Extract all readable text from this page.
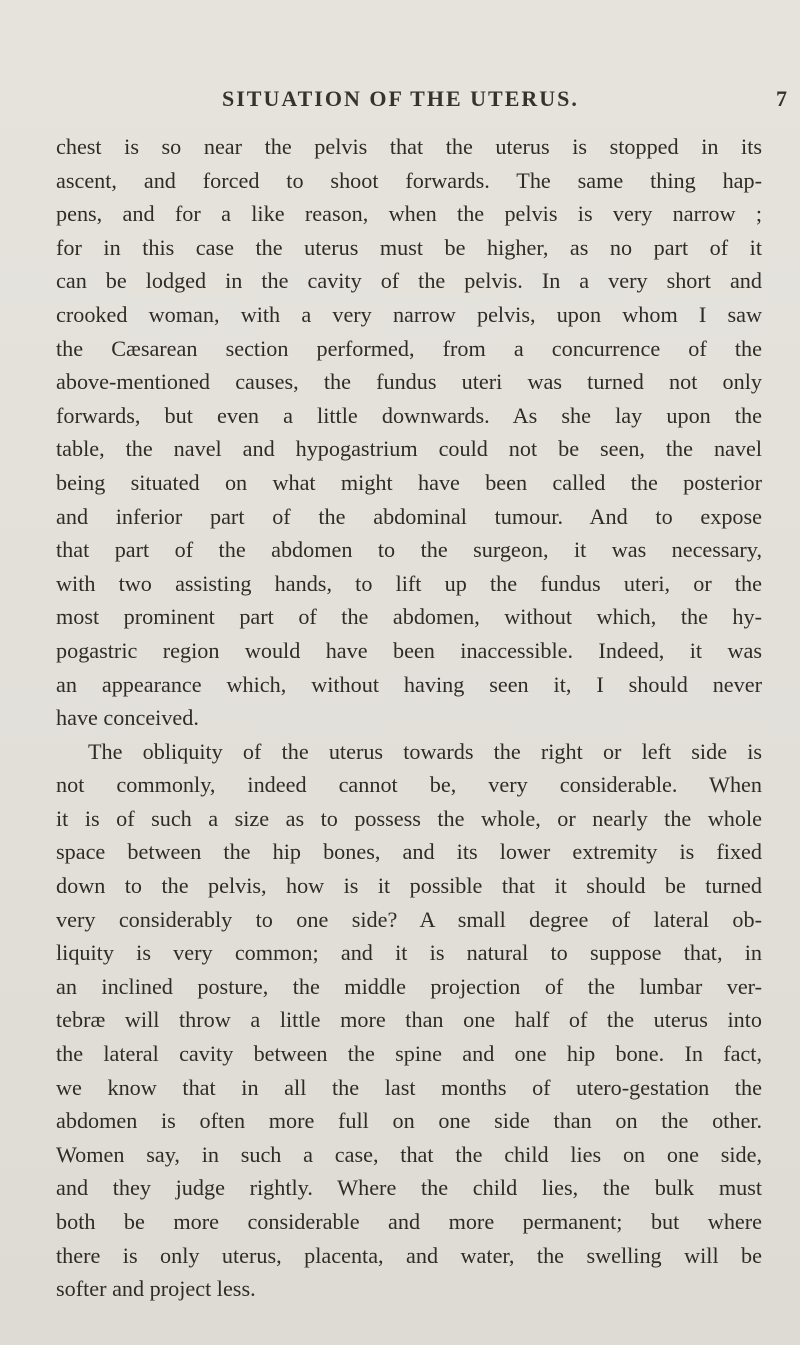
SITUATION OF THE UTERUS.	7
chest is so near the pelvis that the uterus is stopped in its
ascent, and forced to shoot forwards. The same thing hap-
pens, and for a like reason, when the pelvis is very narrow ;
for in this case the uterus must be higher, as no part of it
can be lodged in the cavity of the pelvis. In a very short and
crooked woman, with a very narrow pelvis, upon whom I saw
the Cæsarean section performed, from a concurrence of the
above-mentioned causes, the fundus uteri was turned not only
forwards, but even a little downwards. As she lay upon the
table, the navel and hypogastrium could not be seen, the navel
being situated on what might have been called the posterior
and inferior part of the abdominal tumour. And to expose
that part of the abdomen to the surgeon, it was necessary,
with two assisting hands, to lift up the fundus uteri, or the
most prominent part of the abdomen, without which, the hy-
pogastric region would have been inaccessible. Indeed, it was
an appearance which, without having seen it, I should never
have conceived.
The obliquity of the uterus towards the right or left side is
not commonly, indeed cannot be, very considerable. When
it is of such a size as to possess the whole, or nearly the whole
space between the hip bones, and its lower extremity is fixed
down to the pelvis, how is it possible that it should be turned
very considerably to one side? A small degree of lateral ob-
liquity is very common; and it is natural to suppose that, in
an inclined posture, the middle projection of the lumbar ver-
tebræ will throw a little more than one half of the uterus into
the lateral cavity between the spine and one hip bone. In fact,
we know that in all the last months of utero-gestation the
abdomen is often more full on one side than on the other.
Women say, in such a case, that the child lies on one side,
and they judge rightly. Where the child lies, the bulk must
both be more considerable and more permanent; but where
there is only uterus, placenta, and water, the swelling will be
softer and project less.
